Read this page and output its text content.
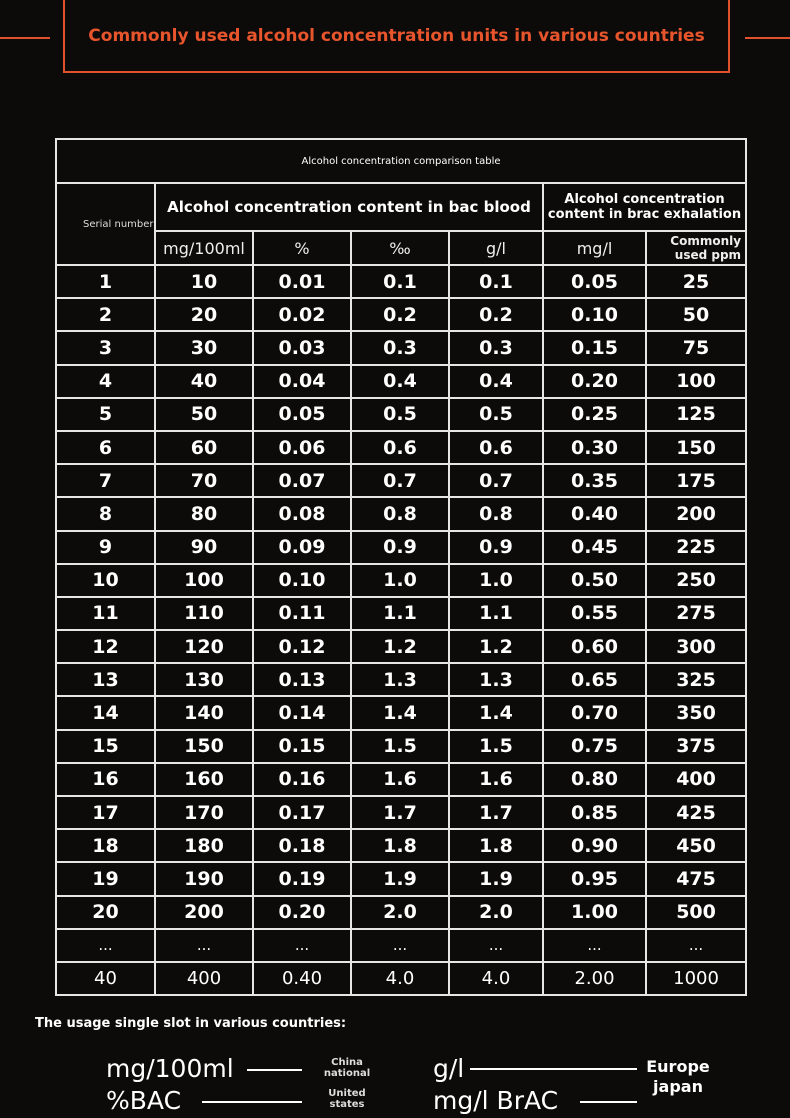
Commonly used alcohol concentration units in various countries
Alcohol concentration comparison table						
Serial number	Alcohol concentration content in bac blood				Alcohol concentration content in brac exhalation	
	mg/100ml	%	‰	g/l	mg/l	Commonly used ppm
1	10	0.01	0.1	0.1	0.05	25
2	20	0.02	0.2	0.2	0.10	50
3	30	0.03	0.3	0.3	0.15	75
4	40	0.04	0.4	0.4	0.20	100
5	50	0.05	0.5	0.5	0.25	125
6	60	0.06	0.6	0.6	0.30	150
7	70	0.07	0.7	0.7	0.35	175
8	80	0.08	0.8	0.8	0.40	200
9	90	0.09	0.9	0.9	0.45	225
10	100	0.10	1.0	1.0	0.50	250
11	110	0.11	1.1	1.1	0.55	275
12	120	0.12	1.2	1.2	0.60	300
13	130	0.13	1.3	1.3	0.65	325
14	140	0.14	1.4	1.4	0.70	350
15	150	0.15	1.5	1.5	0.75	375
16	160	0.16	1.6	1.6	0.80	400
17	170	0.17	1.7	1.7	0.85	425
18	180	0.18	1.8	1.8	0.90	450
19	190	0.19	1.9	1.9	0.95	475
20	200	0.20	2.0	2.0	1.00	500
...	...	...	...	...	...	...
40	400	0.40	4.0	4.0	2.00	1000
The usage single slot in various countries:
mg/100ml	China national
%BAC	United states
g/l	Europe
mg/l BrAC	japan
